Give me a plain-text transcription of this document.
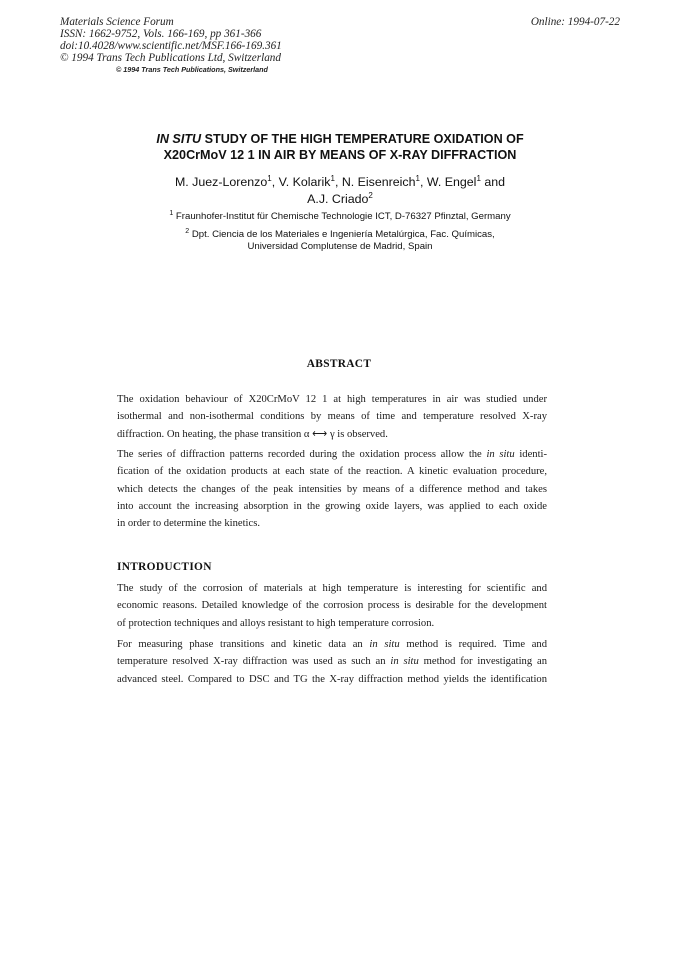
Materials Science Forum
ISSN: 1662-9752, Vols. 166-169, pp 361-366
doi:10.4028/www.scientific.net/MSF.166-169.361
© 1994 Trans Tech Publications Ltd, Switzerland
Online: 1994-07-22
© 1994 Trans Tech Publications, Switzerland
IN SITU STUDY OF THE HIGH TEMPERATURE OXIDATION OF
X20CrMoV 12 1 IN AIR BY MEANS OF X-RAY DIFFRACTION
M. Juez-Lorenzo$^1$, V. Kolarik$^1$, N. Eisenreich$^1$, W. Engel$^1$ and
A.J. Criado$^2$
$^1$ Fraunhofer-Institut für Chemische Technologie ICT, D-76327 Pfinztal, Germany
$^2$ Dpt. Ciencia de los Materiales e Ingeniería Metalúrgica, Fac. Químicas,
Universidad Complutense de Madrid, Spain
ABSTRACT
The oxidation behaviour of X20CrMoV 12 1 at high temperatures in air was studied under
isothermal and non-isothermal conditions by means of time and temperature resolved X-ray
diffraction. On heating, the phase transition α ⟷ γ is observed.
The series of diffraction patterns recorded during the oxidation process allow the in situ identi-
fication of the oxidation products at each state of the reaction. A kinetic evaluation procedure,
which detects the changes of the peak intensities by means of a difference method and takes
into account the increasing absorption in the growing oxide layers, was applied to each oxide
in order to determine the kinetics.
INTRODUCTION
The study of the corrosion of materials at high temperature is interesting for scientific and
economic reasons. Detailed knowledge of the corrosion process is desirable for the development
of protection techniques and alloys resistant to high temperature corrosion.
For measuring phase transitions and kinetic data an in situ method is required. Time and
temperature resolved X-ray diffraction was used as such an in situ method for investigating an
advanced steel. Compared to DSC and TG the X-ray diffraction method yields the identification
